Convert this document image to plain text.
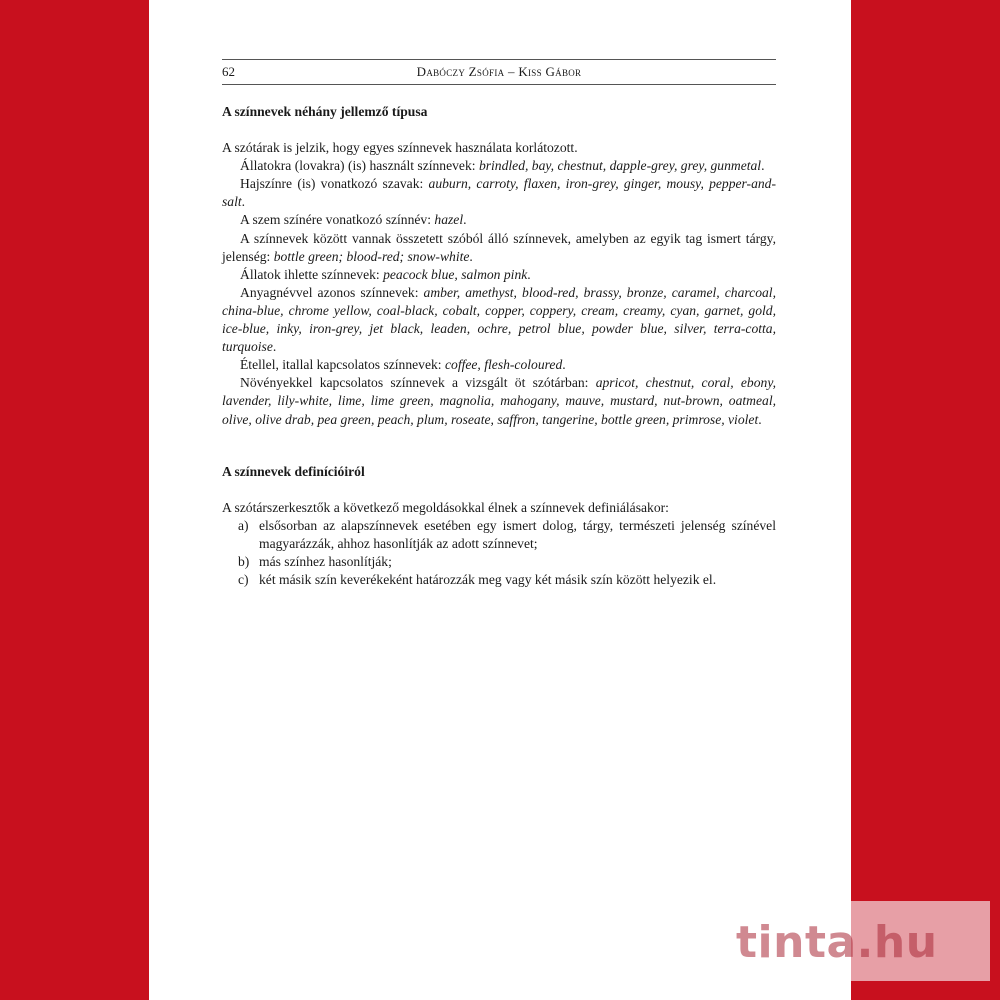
62	Dabóczy Zsófia – Kiss Gábor
A színnevek néhány jellemző típusa

A szótárak is jelzik, hogy egyes színnevek használata korlátozott.

Állatokra (lovakra) (is) használt színnevek: brindled, bay, chestnut, dapple-grey, grey, gunmetal.

Hajszínre (is) vonatkozó szavak: auburn, carroty, flaxen, iron-grey, ginger, mousy, pepper-and-salt.

A szem színére vonatkozó színnév: hazel.

A színnevek között vannak összetett szóból álló színnevek, amelyben az egyik tag ismert tárgy, jelenség: bottle green; blood-red; snow-white.

Állatok ihlette színnevek: peacock blue, salmon pink.

Anyagnévvel azonos színnevek: amber, amethyst, blood-red, brassy, bronze, caramel, charcoal, china-blue, chrome yellow, coal-black, cobalt, copper, coppery, cream, creamy, cyan, garnet, gold, ice-blue, inky, iron-grey, jet black, leaden, ochre, petrol blue, powder blue, silver, terra-cotta, turquoise.

Étellel, itallal kapcsolatos színnevek: coffee, flesh-coloured.

Növényekkel kapcsolatos színnevek a vizsgált öt szótárban: apricot, chestnut, coral, ebony, lavender, lily-white, lime, lime green, magnolia, mahogany, mauve, mustard, nut-brown, oatmeal, olive, olive drab, pea green, peach, plum, roseate, saffron, tangerine, bottle green, primrose, violet.

A színnevek definícióiról

A szótárszerkesztők a következő megoldásokkal élnek a színnevek definiálásakor:

a) elsősorban az alapszínnevek esetében egy ismert dolog, tárgy, természeti jelenség színével magyarázzák, ahhoz hasonlítják az adott színnevet;
b) más színhez hasonlítják;
c) két másik szín keverékeként határozzák meg vagy két másik szín között helyezik el.
tinta.hu
